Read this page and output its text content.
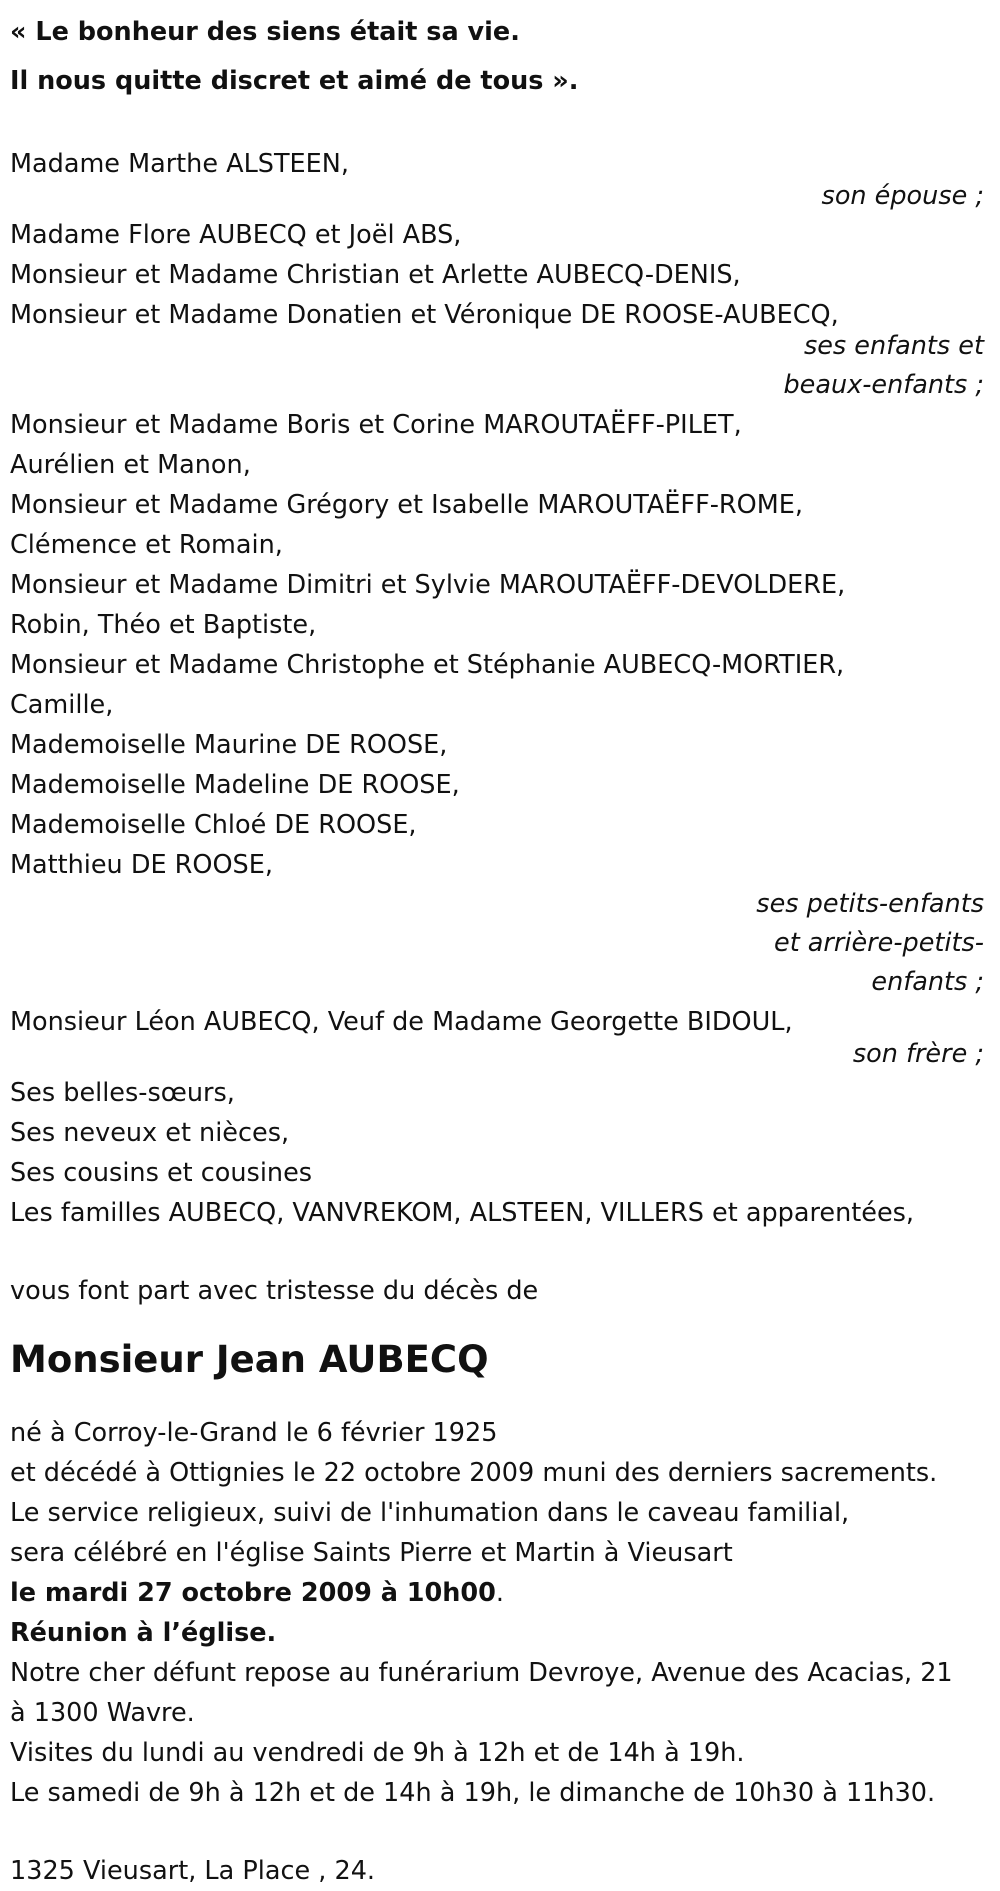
« Le bonheur des siens était sa vie.
Il nous quitte discret et aimé de tous ».
Madame Marthe ALSTEEN,
son épouse ;
Madame Flore AUBECQ et Joël ABS,
Monsieur et Madame Christian et Arlette AUBECQ-DENIS,
Monsieur et Madame Donatien et Véronique DE ROOSE-AUBECQ,
ses enfants et
beaux-enfants ;
Monsieur et Madame Boris et Corine MAROUTAËFF-PILET,
Aurélien et Manon,
Monsieur et Madame Grégory et Isabelle MAROUTAËFF-ROME,
Clémence et Romain,
Monsieur et Madame Dimitri et Sylvie MAROUTAËFF-DEVOLDERE,
Robin, Théo et Baptiste,
Monsieur et Madame Christophe et Stéphanie AUBECQ-MORTIER,
Camille,
Mademoiselle Maurine DE ROOSE,
Mademoiselle Madeline DE ROOSE,
Mademoiselle Chloé DE ROOSE,
Matthieu DE ROOSE,
ses petits-enfants
et arrière-petits-
enfants ;
Monsieur Léon AUBECQ, Veuf de Madame Georgette BIDOUL,
son frère ;
Ses belles-sœurs,
Ses neveux et nièces,
Ses cousins et cousines
Les familles AUBECQ, VANVREKOM, ALSTEEN, VILLERS et apparentées,
vous font part avec tristesse du décès de
Monsieur Jean AUBECQ
né à Corroy-le-Grand le 6 février 1925
et décédé à Ottignies le 22 octobre 2009 muni des derniers sacrements.
Le service religieux, suivi de l'inhumation dans le caveau familial,
sera célébré en l'église Saints Pierre et Martin à Vieusart
le mardi 27 octobre 2009 à 10h00.
Réunion à l’église.
Notre cher défunt repose au funérarium Devroye, Avenue des Acacias, 21
à 1300 Wavre.
Visites du lundi au vendredi de 9h à 12h et de 14h à 19h.
Le samedi de 9h à 12h et de 14h à 19h, le dimanche de 10h30 à 11h30.
1325 Vieusart, La Place , 24.
